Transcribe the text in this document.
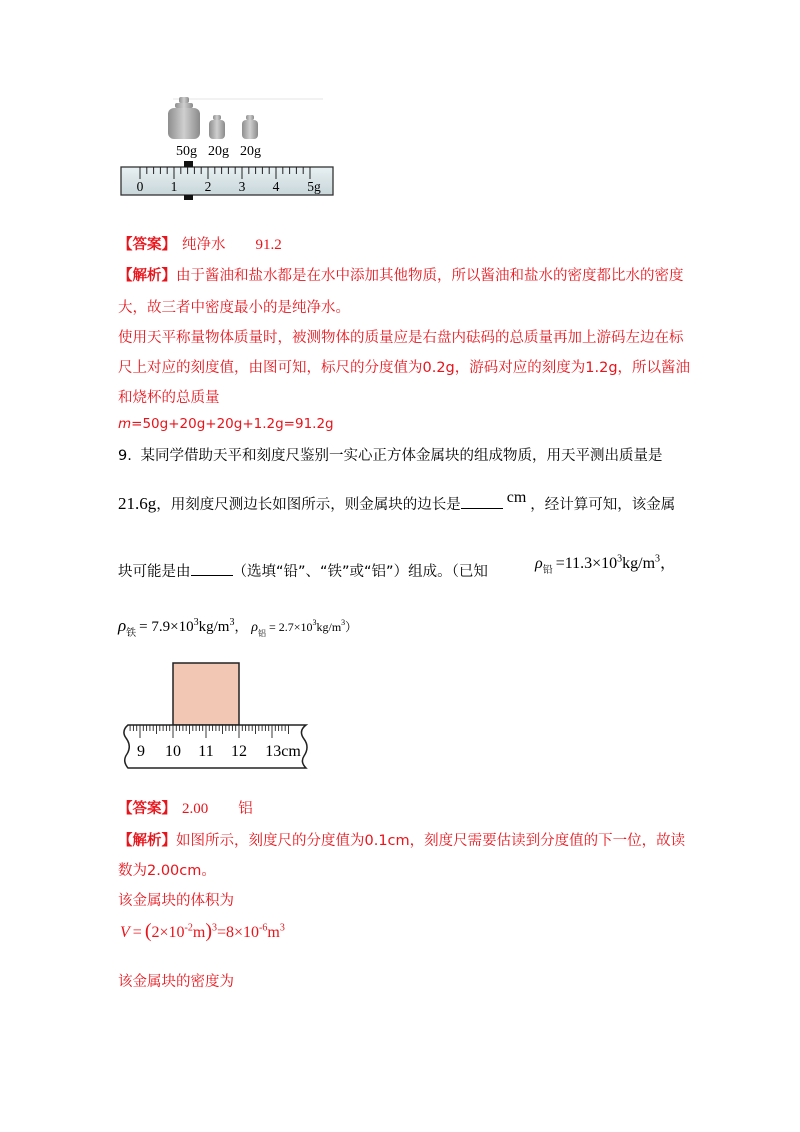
50g 20g 20g
0 1 2 3 4 5g
【答案】 纯净水 91.2
【解析】由于酱油和盐水都是在水中添加其他物质，所以酱油和盐水的密度都比水的密度
大，故三者中密度最小的是纯净水。
使用天平称量物体质量时，被测物体的质量应是右盘内砝码的总质量再加上游码左边在标
尺上对应的刻度值，由图可知，标尺的分度值为0.2g，游码对应的刻度为1.2g，所以酱油
和烧杯的总质量
m=50g+20g+20g+1.2g=91.2g
9. 某同学借助天平和刻度尺鉴别一实心正方体金属块的组成物质，用天平测出质量是
21.6g，用刻度尺测边长如图所示，则金属块的边长是	cm ，经计算可知，该金属
块可能是由	（选填“铅”、“铁”或“铝”）组成。（已知	$\rho_铅 =11.3\times 10^3kg/m^3$，
$\rho_铁 = 7.9\times 10^3kg/m^3$， $\rho_铝 = 2.7\times 10^3kg/m^3$）
9 10 11 12 13cm
【答案】 2.00 铝
【解析】如图所示，刻度尺的分度值为0.1cm，刻度尺需要估读到分度值的下一位，故读
数为2.00cm。
该金属块的体积为
$V = (2\times 10^{-2}m)^3=8\times 10^{-6}m^3$
该金属块的密度为
